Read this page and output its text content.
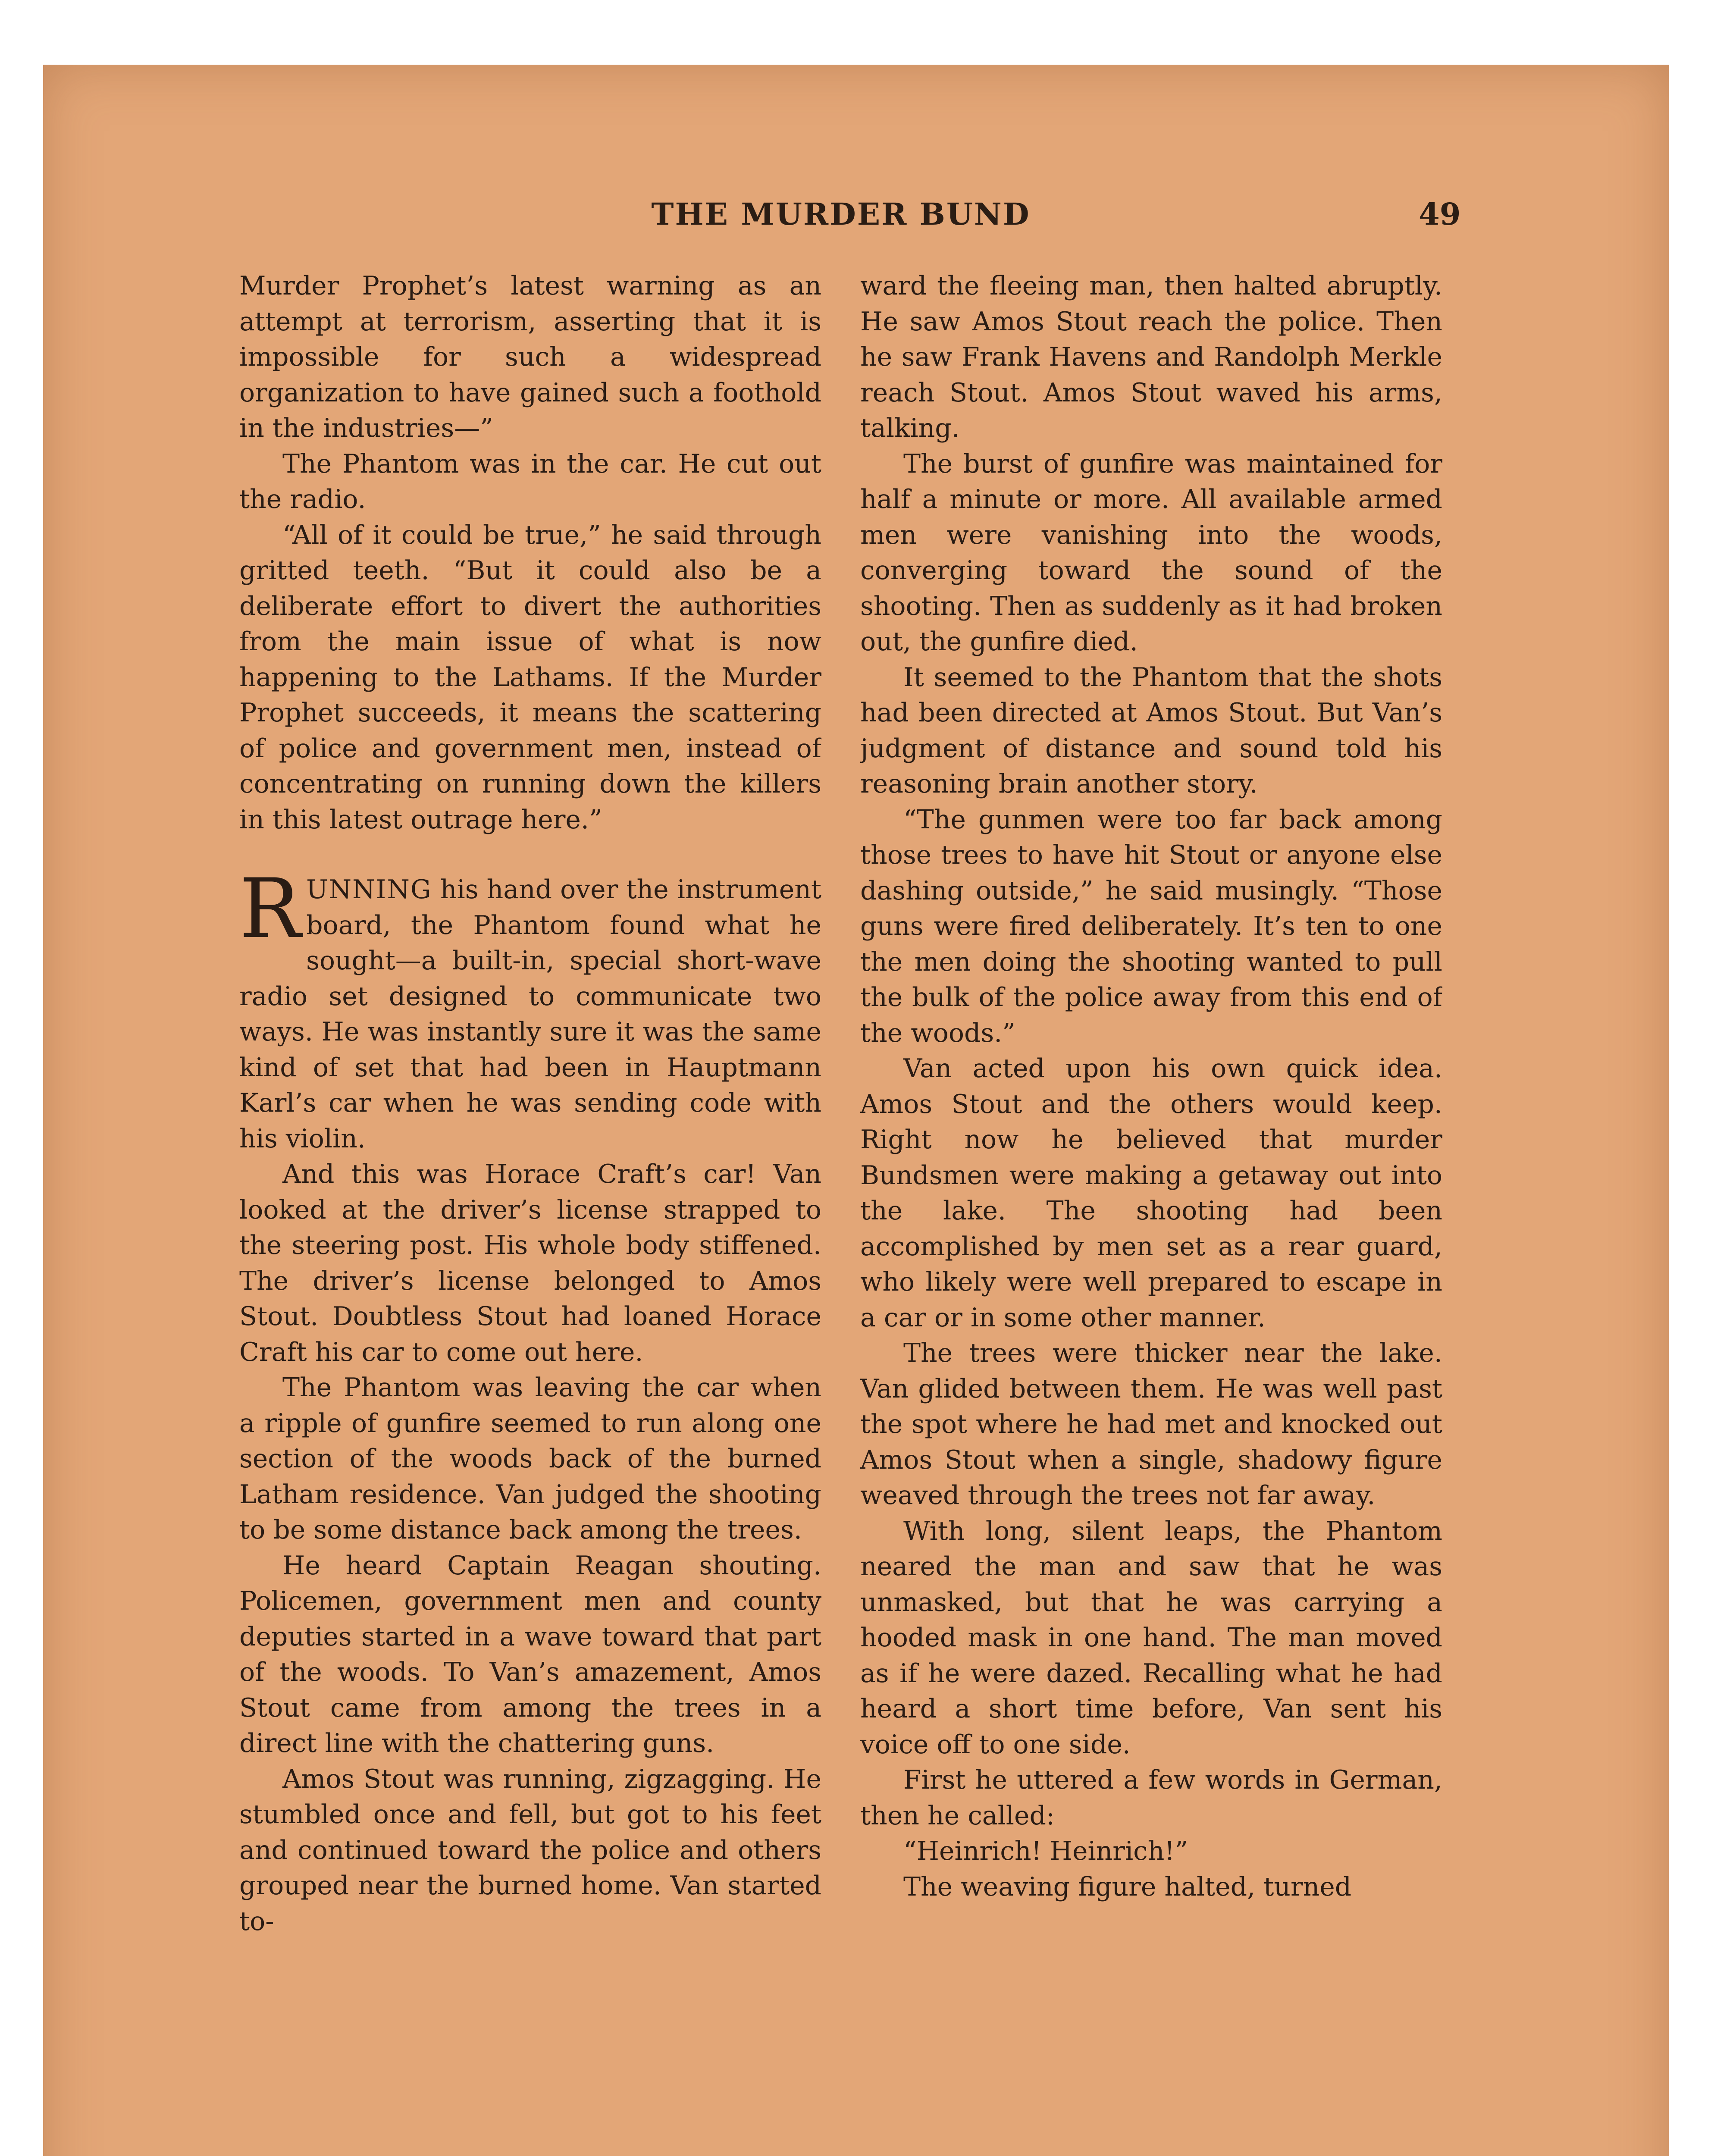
THE MURDER BUND	49

Murder Prophet’s latest warning as an attempt at terrorism, asserting that it is impossible for such a widespread organization to have gained such a foothold in the industries—”

The Phantom was in the car. He cut out the radio.

“All of it could be true,” he said through gritted teeth. “But it could also be a deliberate effort to divert the authorities from the main issue of what is now happening to the Lathams. If the Murder Prophet succeeds, it means the scattering of police and government men, instead of concentrating on running down the killers in this latest outrage here.”

RUNNING his hand over the instrument board, the Phantom found what he sought—a built-in, special short-wave radio set designed to communicate two ways. He was instantly sure it was the same kind of set that had been in Hauptmann Karl’s car when he was sending code with his violin.

And this was Horace Craft’s car! Van looked at the driver’s license strapped to the steering post. His whole body stiffened. The driver’s license belonged to Amos Stout. Doubtless Stout had loaned Horace Craft his car to come out here.

The Phantom was leaving the car when a ripple of gunfire seemed to run along one section of the woods back of the burned Latham residence. Van judged the shooting to be some distance back among the trees.

He heard Captain Reagan shouting. Policemen, government men and county deputies started in a wave toward that part of the woods. To Van’s amazement, Amos Stout came from among the trees in a direct line with the chattering guns.

Amos Stout was running, zigzagging. He stumbled once and fell, but got to his feet and continued toward the police and others grouped near the burned home. Van started to-

ward the fleeing man, then halted abruptly. He saw Amos Stout reach the police. Then he saw Frank Havens and Randolph Merkle reach Stout. Amos Stout waved his arms, talking.

The burst of gunfire was maintained for half a minute or more. All available armed men were vanishing into the woods, converging toward the sound of the shooting. Then as suddenly as it had broken out, the gunfire died.

It seemed to the Phantom that the shots had been directed at Amos Stout. But Van’s judgment of distance and sound told his reasoning brain another story.

“The gunmen were too far back among those trees to have hit Stout or anyone else dashing outside,” he said musingly. “Those guns were fired deliberately. It’s ten to one the men doing the shooting wanted to pull the bulk of the police away from this end of the woods.”

Van acted upon his own quick idea. Amos Stout and the others would keep. Right now he believed that murder Bundsmen were making a getaway out into the lake. The shooting had been accomplished by men set as a rear guard, who likely were well prepared to escape in a car or in some other manner.

The trees were thicker near the lake. Van glided between them. He was well past the spot where he had met and knocked out Amos Stout when a single, shadowy figure weaved through the trees not far away.

With long, silent leaps, the Phantom neared the man and saw that he was unmasked, but that he was carrying a hooded mask in one hand. The man moved as if he were dazed. Recalling what he had heard a short time before, Van sent his voice off to one side.

First he uttered a few words in German, then he called:

“Heinrich! Heinrich!”

The weaving figure halted, turned
